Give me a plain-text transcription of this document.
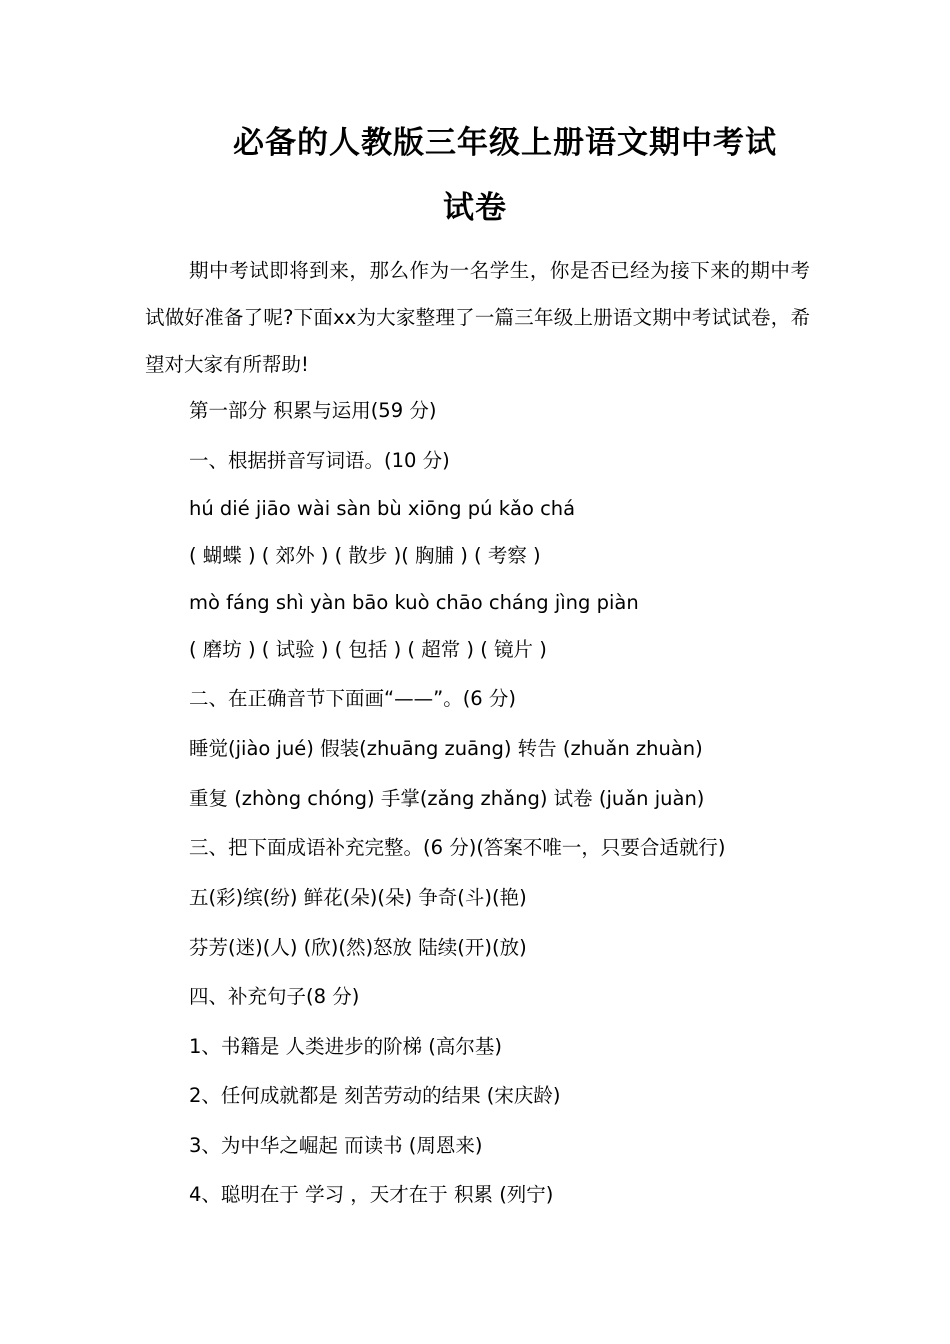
必备的人教版三年级上册语文期中考试
试卷
期中考试即将到来，那么作为一名学生，你是否已经为接下来的期中考试做好准备了呢?下面xx为大家整理了一篇三年级上册语文期中考试试卷，希望对大家有所帮助!
第一部分 积累与运用(59 分)
一、根据拼音写词语。(10 分)
hú dié jiāo wài sàn bù xiōng pú kǎo chá
( 蝴蝶 ) ( 郊外 ) ( 散步 )( 胸脯 ) ( 考察 )
mò fáng shì yàn bāo kuò chāo cháng jìng piàn
( 磨坊 ) ( 试验 ) ( 包括 ) ( 超常 ) ( 镜片 )
二、在正确音节下面画“——”。(6 分)
睡觉(jiào jué) 假装(zhuāng zuāng) 转告 (zhuǎn zhuàn)
重复 (zhòng chóng) 手掌(zǎng zhǎng) 试卷 (juǎn juàn)
三、把下面成语补充完整。(6 分)(答案不唯一，只要合适就行)
五(彩)缤(纷) 鲜花(朵)(朵) 争奇(斗)(艳)
芬芳(迷)(人) (欣)(然)怒放 陆续(开)(放)
四、补充句子(8 分)
1、书籍是 人类进步的阶梯 (高尔基)
2、任何成就都是 刻苦劳动的结果 (宋庆龄)
3、为中华之崛起 而读书 (周恩来)
4、聪明在于 学习 ，天才在于 积累 (列宁)
